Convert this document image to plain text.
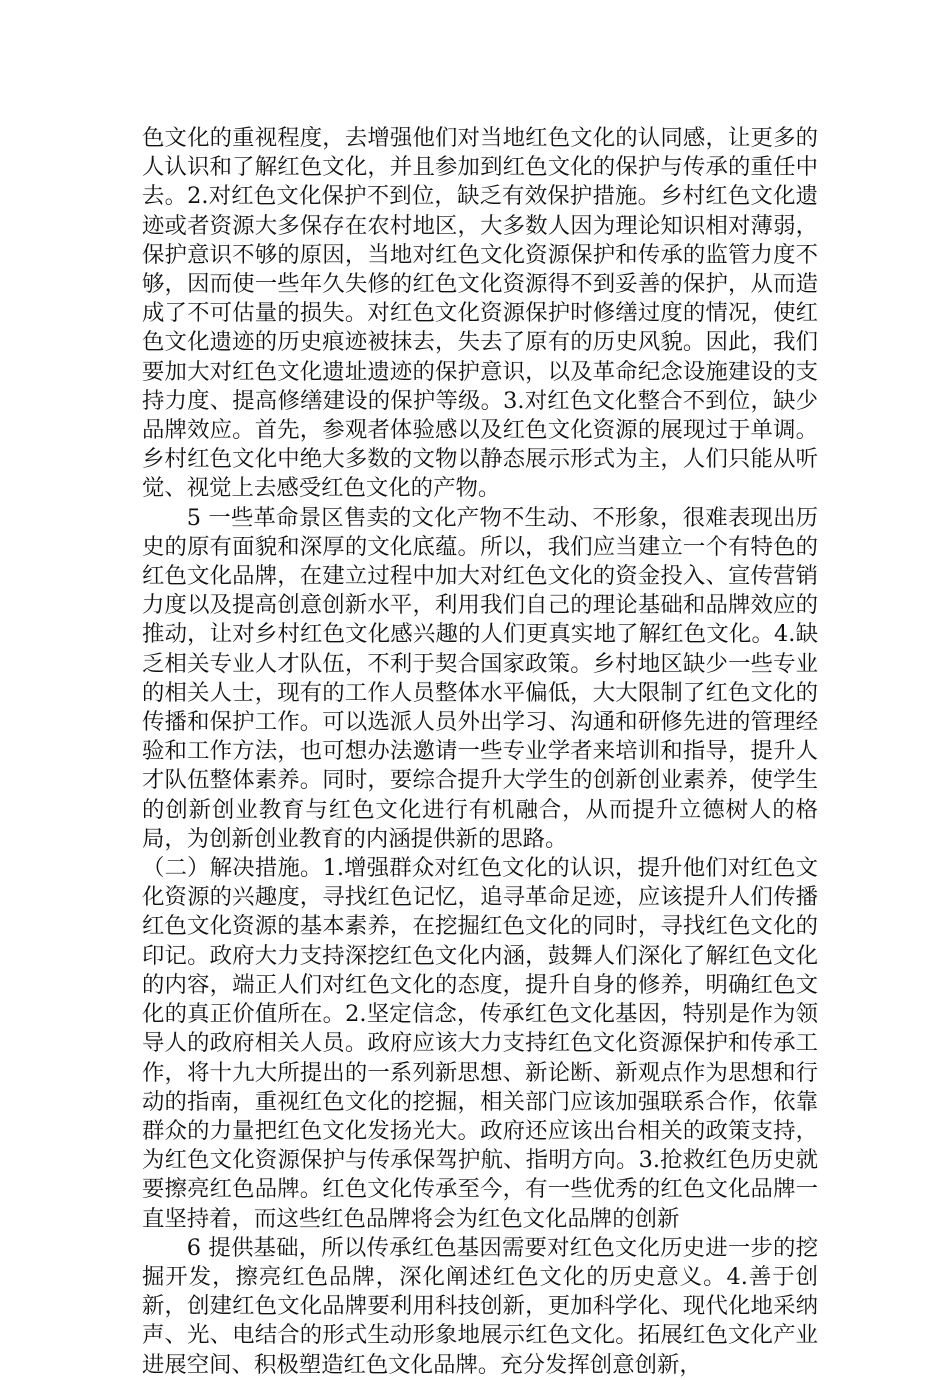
色文化的重视程度，去增强他们对当地红色文化的认同感，让更多的人认识和了解红色文化，并且参加到红色文化的保护与传承的重任中去。2.对红色文化保护不到位，缺乏有效保护措施。乡村红色文化遗迹或者资源大多保存在农村地区，大多数人因为理论知识相对薄弱，保护意识不够的原因，当地对红色文化资源保护和传承的监管力度不够，因而使一些年久失修的红色文化资源得不到妥善的保护，从而造成了不可估量的损失。对红色文化资源保护时修缮过度的情况，使红色文化遗迹的历史痕迹被抹去，失去了原有的历史风貌。因此，我们要加大对红色文化遗址遗迹的保护意识，以及革命纪念设施建设的支持力度、提高修缮建设的保护等级。3.对红色文化整合不到位，缺少品牌效应。首先，参观者体验感以及红色文化资源的展现过于单调。乡村红色文化中绝大多数的文物以静态展示形式为主，人们只能从听觉、视觉上去感受红色文化的产物。

5 一些革命景区售卖的文化产物不生动、不形象，很难表现出历史的原有面貌和深厚的文化底蕴。所以，我们应当建立一个有特色的红色文化品牌，在建立过程中加大对红色文化的资金投入、宣传营销力度以及提高创意创新水平，利用我们自己的理论基础和品牌效应的推动，让对乡村红色文化感兴趣的人们更真实地了解红色文化。4.缺乏相关专业人才队伍，不利于契合国家政策。乡村地区缺少一些专业的相关人士，现有的工作人员整体水平偏低，大大限制了红色文化的传播和保护工作。可以选派人员外出学习、沟通和研修先进的管理经验和工作方法，也可想办法邀请一些专业学者来培训和指导，提升人才队伍整体素养。同时，要综合提升大学生的创新创业素养，使学生的创新创业教育与红色文化进行有机融合，从而提升立德树人的格局，为创新创业教育的内涵提供新的思路。

（二）解决措施。1.增强群众对红色文化的认识，提升他们对红色文化资源的兴趣度，寻找红色记忆，追寻革命足迹，应该提升人们传播红色文化资源的基本素养，在挖掘红色文化的同时，寻找红色文化的印记。政府大力支持深挖红色文化内涵，鼓舞人们深化了解红色文化的内容，端正人们对红色文化的态度，提升自身的修养，明确红色文化的真正价值所在。2.坚定信念，传承红色文化基因，特别是作为领导人的政府相关人员。政府应该大力支持红色文化资源保护和传承工作，将十九大所提出的一系列新思想、新论断、新观点作为思想和行动的指南，重视红色文化的挖掘，相关部门应该加强联系合作，依靠群众的力量把红色文化发扬光大。政府还应该出台相关的政策支持，为红色文化资源保护与传承保驾护航、指明方向。3.抢救红色历史就要擦亮红色品牌。红色文化传承至今，有一些优秀的红色文化品牌一直坚持着，而这些红色品牌将会为红色文化品牌的创新

6 提供基础，所以传承红色基因需要对红色文化历史进一步的挖掘开发，擦亮红色品牌，深化阐述红色文化的历史意义。4.善于创新，创建红色文化品牌要利用科技创新，更加科学化、现代化地采纳声、光、电结合的形式生动形象地展示红色文化。拓展红色文化产业进展空间、积极塑造红色文化品牌。充分发挥创意创新，
